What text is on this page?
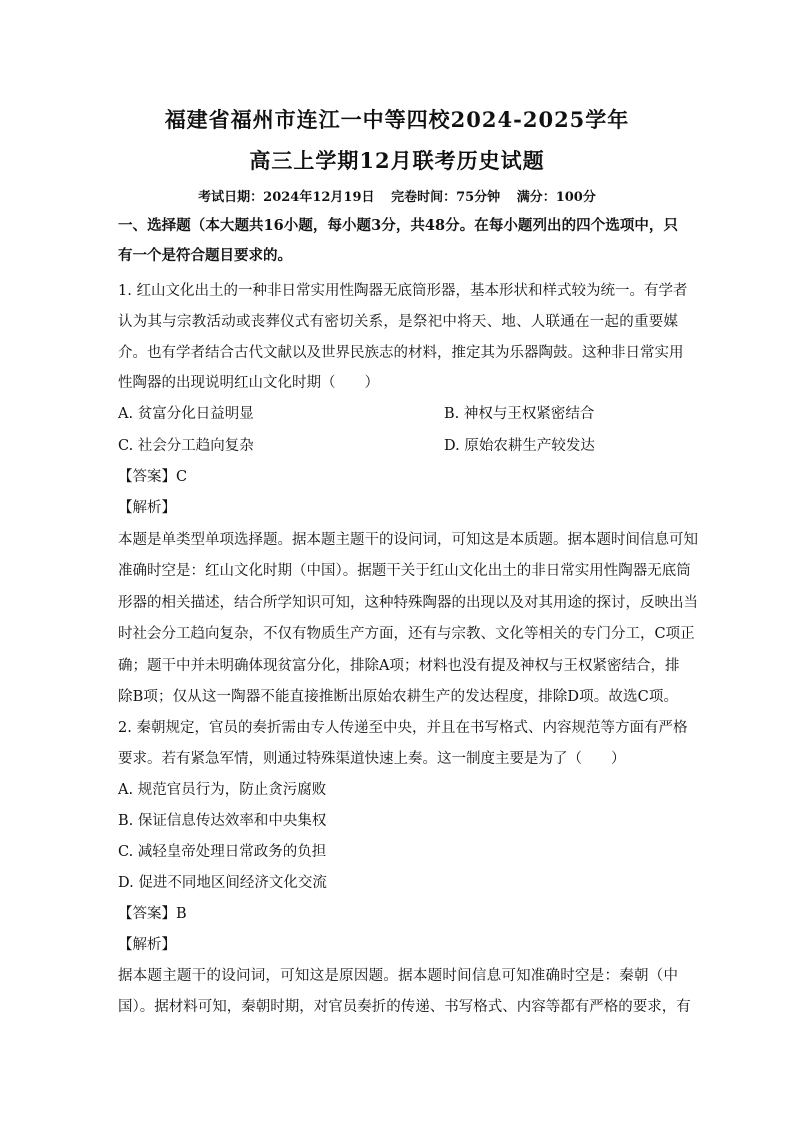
福建省福州市连江一中等四校2024-2025学年
高三上学期12月联考历史试题
考试日期：2024年12月19日 完卷时间：75分钟 满分：100分
一、选择题（本大题共16小题，每小题3分，共48分。在每小题列出的四个选项中，只
有一个是符合题目要求的。
1. 红山文化出土的一种非日常实用性陶器无底筒形器，基本形状和样式较为统一。有学者
认为其与宗教活动或丧葬仪式有密切关系，是祭祀中将天、地、人联通在一起的重要媒
介。也有学者结合古代文献以及世界民族志的材料，推定其为乐器陶鼓。这种非日常实用
性陶器的出现说明红山文化时期（　　）
A. 贫富分化日益明显	B. 神权与王权紧密结合
C. 社会分工趋向复杂	D. 原始农耕生产较发达
【答案】C
【解析】
本题是单类型单项选择题。据本题主题干的设问词，可知这是本质题。据本题时间信息可知
准确时空是：红山文化时期（中国）。据题干关于红山文化出土的非日常实用性陶器无底筒
形器的相关描述，结合所学知识可知，这种特殊陶器的出现以及对其用途的探讨，反映出当
时社会分工趋向复杂，不仅有物质生产方面，还有与宗教、文化等相关的专门分工，C项正
确；题干中并未明确体现贫富分化，排除A项；材料也没有提及神权与王权紧密结合，排
除B项；仅从这一陶器不能直接推断出原始农耕生产的发达程度，排除D项。故选C项。
2. 秦朝规定，官员的奏折需由专人传递至中央，并且在书写格式、内容规范等方面有严格
要求。若有紧急军情，则通过特殊渠道快速上奏。这一制度主要是为了（　　）
A. 规范官员行为，防止贪污腐败
B. 保证信息传达效率和中央集权
C. 减轻皇帝处理日常政务的负担
D. 促进不同地区间经济文化交流
【答案】B
【解析】
据本题主题干的设问词，可知这是原因题。据本题时间信息可知准确时空是：秦朝（中
国）。据材料可知，秦朝时期，对官员奏折的传递、书写格式、内容等都有严格的要求，有
